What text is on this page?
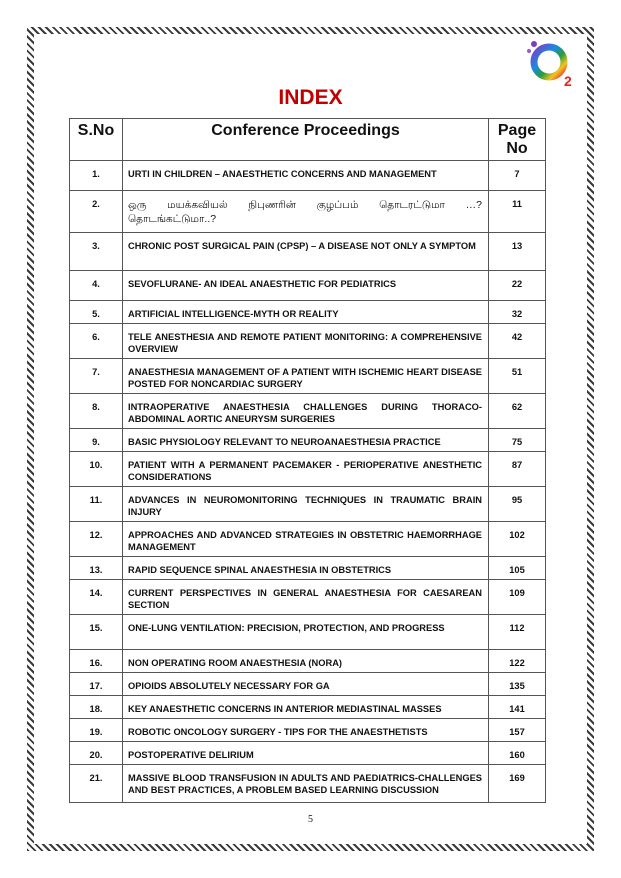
2
INDEX
S.No	Conference Proceedings	Page No
1.	URTI IN CHILDREN – ANAESTHETIC CONCERNS AND MANAGEMENT	7
2.	ஒரு மயக்கவியல் நிபுணரின் குழப்பம் தொடரட்டுமா …? தொடங்கட்டுமா..?	11
3.	CHRONIC POST SURGICAL PAIN (CPSP) – A DISEASE NOT ONLY A SYMPTOM	13
4.	SEVOFLURANE- AN IDEAL ANAESTHETIC FOR PEDIATRICS	22
5.	ARTIFICIAL INTELLIGENCE-MYTH OR REALITY	32
6.	TELE ANESTHESIA AND REMOTE PATIENT MONITORING: A COMPREHENSIVE OVERVIEW	42
7.	ANAESTHESIA MANAGEMENT OF A PATIENT WITH ISCHEMIC HEART DISEASE POSTED FOR NONCARDIAC SURGERY	51
8.	INTRAOPERATIVE ANAESTHESIA CHALLENGES DURING THORACO-ABDOMINAL AORTIC ANEURYSM SURGERIES	62
9.	BASIC PHYSIOLOGY RELEVANT TO NEUROANAESTHESIA PRACTICE	75
10.	PATIENT WITH A PERMANENT PACEMAKER - PERIOPERATIVE ANESTHETIC CONSIDERATIONS	87
11.	ADVANCES IN NEUROMONITORING TECHNIQUES IN TRAUMATIC BRAIN INJURY	95
12.	APPROACHES AND ADVANCED STRATEGIES IN OBSTETRIC HAEMORRHAGE MANAGEMENT	102
13.	RAPID SEQUENCE SPINAL ANAESTHESIA IN OBSTETRICS	105
14.	CURRENT PERSPECTIVES IN GENERAL ANAESTHESIA FOR CAESAREAN SECTION	109
15.	ONE-LUNG VENTILATION: PRECISION, PROTECTION, AND PROGRESS	112
16.	NON OPERATING ROOM ANAESTHESIA (NORA)	122
17.	OPIOIDS ABSOLUTELY NECESSARY FOR GA	135
18.	KEY ANAESTHETIC CONCERNS IN ANTERIOR MEDIASTINAL MASSES	141
19.	ROBOTIC ONCOLOGY SURGERY - TIPS FOR THE ANAESTHETISTS	157
20.	POSTOPERATIVE DELIRIUM	160
21.	MASSIVE BLOOD TRANSFUSION IN ADULTS AND PAEDIATRICS-CHALLENGES AND BEST PRACTICES, A PROBLEM BASED LEARNING DISCUSSION	169
5
